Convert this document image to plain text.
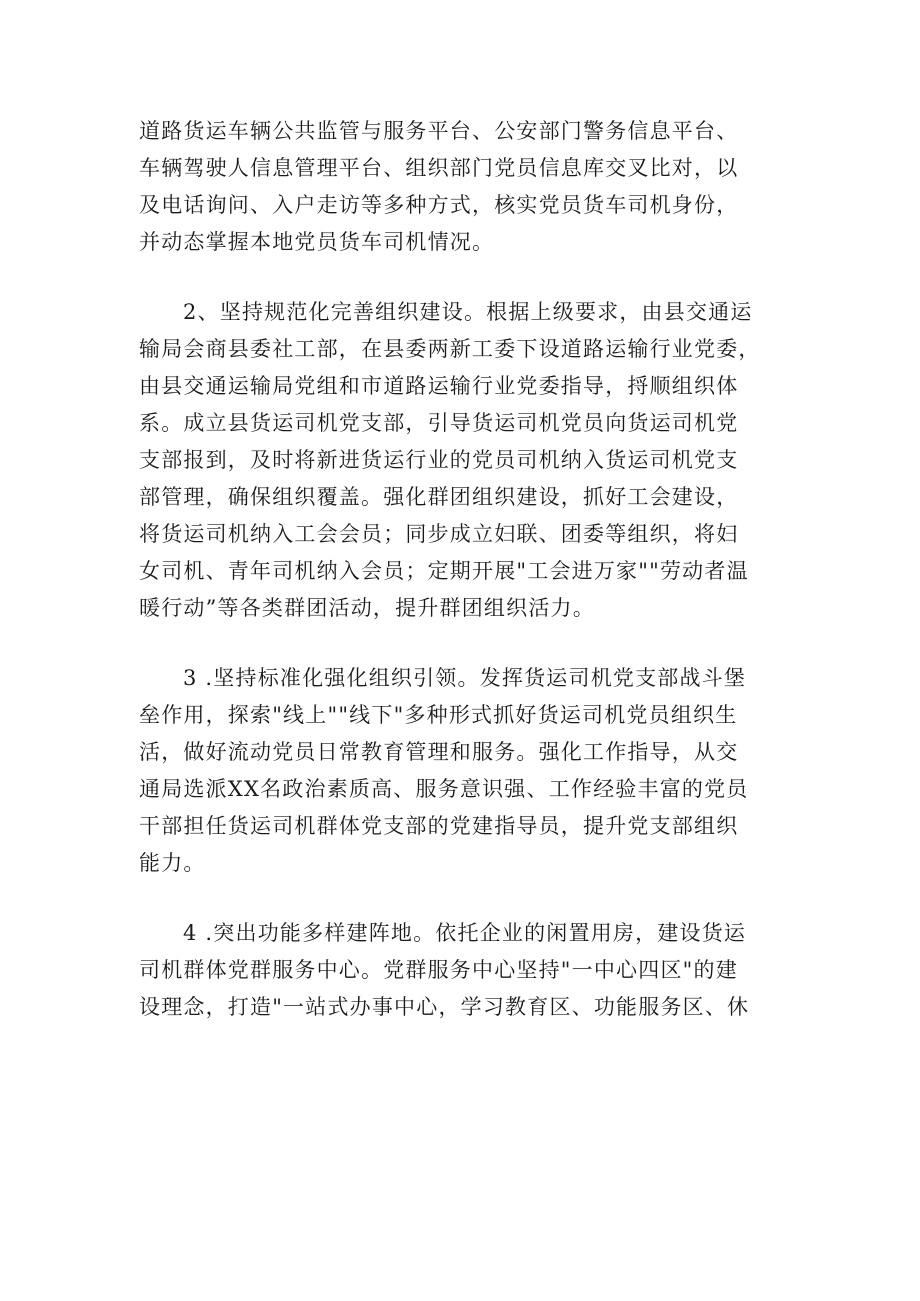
道路货运车辆公共监管与服务平台、公安部门警务信息平台、
车辆驾驶人信息管理平台、组织部门党员信息库交叉比对，以
及电话询问、入户走访等多种方式，核实党员货车司机身份，
并动态掌握本地党员货车司机情况。
2、坚持规范化完善组织建设。根据上级要求，由县交通运
输局会商县委社工部，在县委两新工委下设道路运输行业党委，
由县交通运输局党组和市道路运输行业党委指导，捋顺组织体
系。成立县货运司机党支部，引导货运司机党员向货运司机党
支部报到，及时将新进货运行业的党员司机纳入货运司机党支
部管理，确保组织覆盖。强化群团组织建设，抓好工会建设，
将货运司机纳入工会会员；同步成立妇联、团委等组织，将妇
女司机、青年司机纳入会员；定期开展"工会进万家""劳动者温
暖行动”等各类群团活动，提升群团组织活力。
3 .坚持标准化强化组织引领。发挥货运司机党支部战斗堡
垒作用，探索"线上""线下"多种形式抓好货运司机党员组织生
活，做好流动党员日常教育管理和服务。强化工作指导，从交
通局选派XX名政治素质高、服务意识强、工作经验丰富的党员
干部担任货运司机群体党支部的党建指导员，提升党支部组织
能力。
4 .突出功能多样建阵地。依托企业的闲置用房，建设货运
司机群体党群服务中心。党群服务中心坚持"一中心四区"的建
设理念，打造"一站式办事中心，学习教育区、功能服务区、休
